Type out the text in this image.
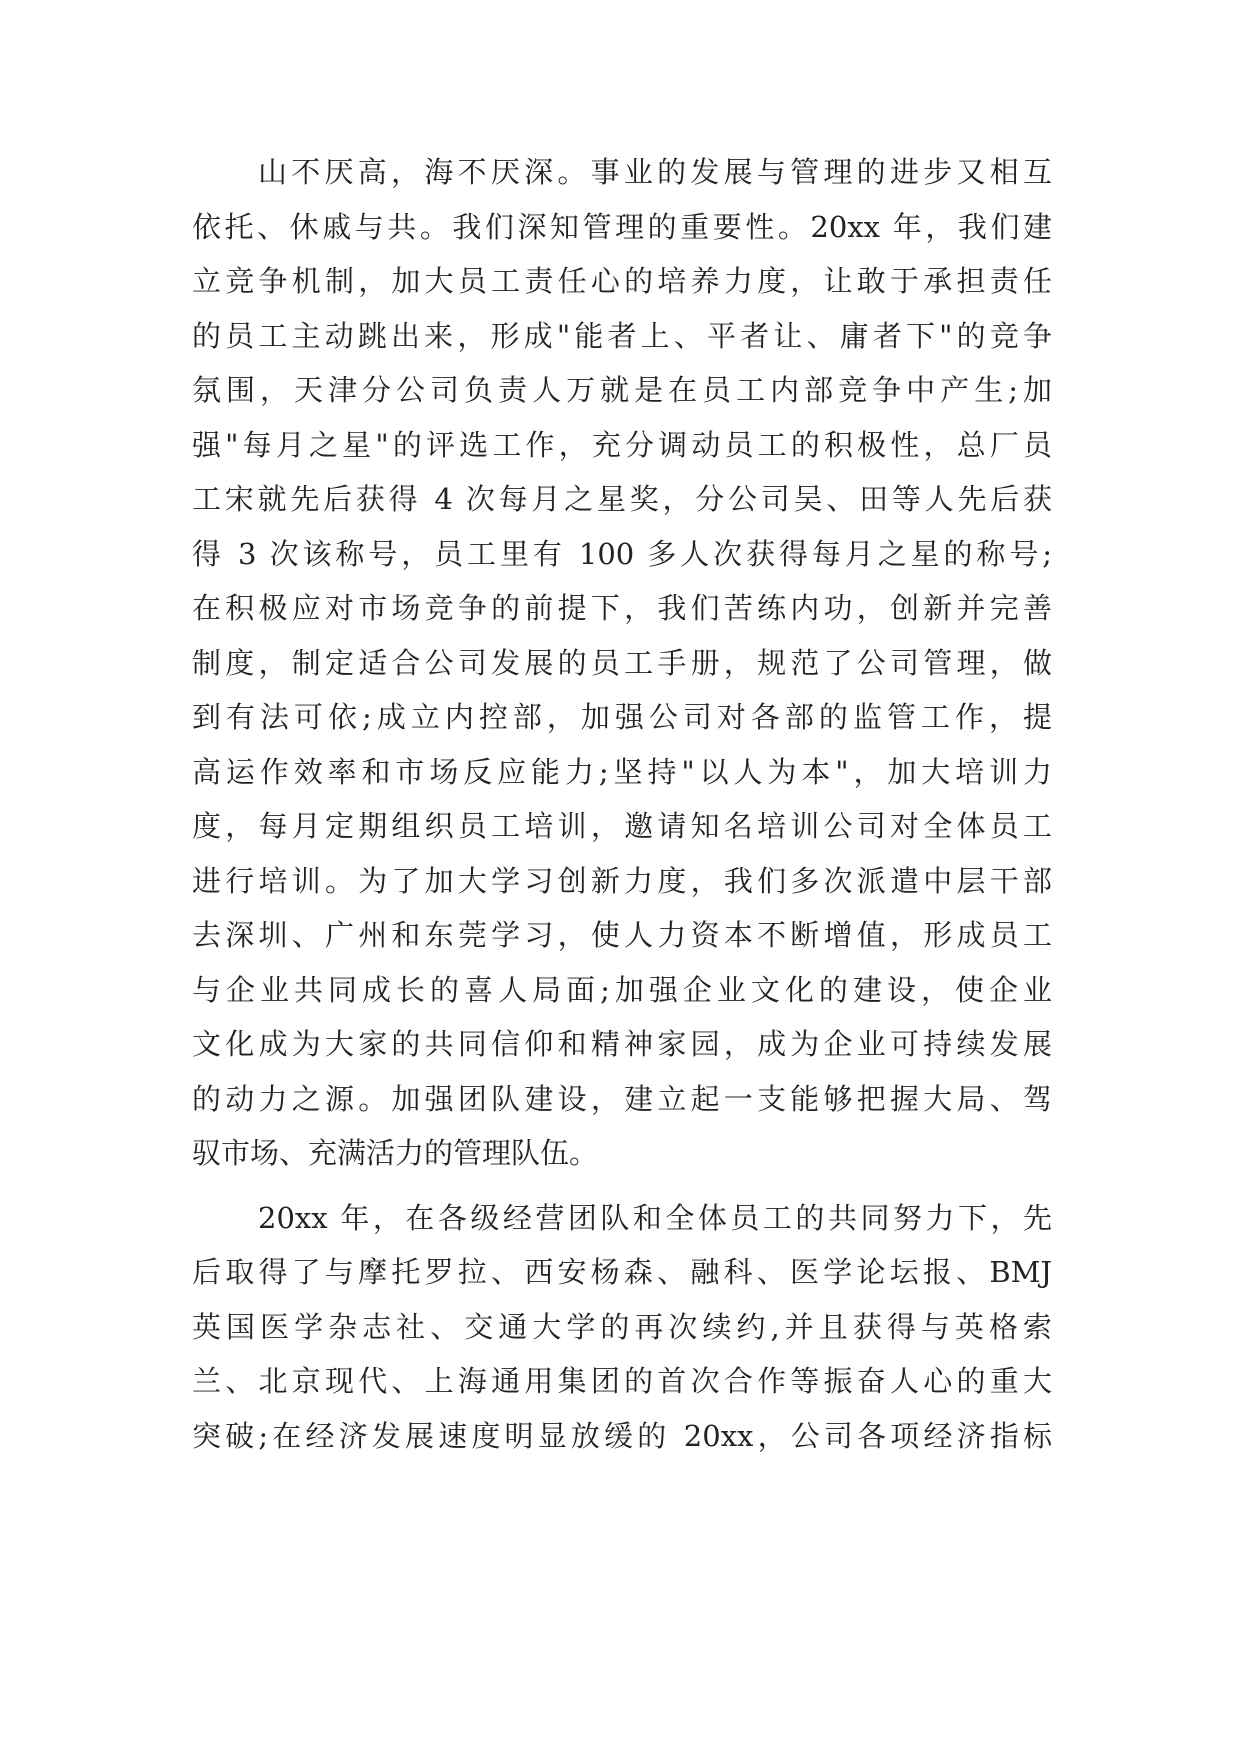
山不厌高，海不厌深。事业的发展与管理的进步又相互
依托、休戚与共。我们深知管理的重要性。20xx 年，我们建
立竞争机制，加大员工责任心的培养力度，让敢于承担责任
的员工主动跳出来，形成"能者上、平者让、庸者下"的竞争
氛围，天津分公司负责人万就是在员工内部竞争中产生;加
强"每月之星"的评选工作，充分调动员工的积极性，总厂员
工宋就先后获得 4 次每月之星奖，分公司吴、田等人先后获
得 3 次该称号，员工里有 100 多人次获得每月之星的称号;
在积极应对市场竞争的前提下，我们苦练内功，创新并完善
制度，制定适合公司发展的员工手册，规范了公司管理，做
到有法可依;成立内控部，加强公司对各部的监管工作，提
高运作效率和市场反应能力;坚持"以人为本"，加大培训力
度，每月定期组织员工培训，邀请知名培训公司对全体员工
进行培训。为了加大学习创新力度，我们多次派遣中层干部
去深圳、广州和东莞学习，使人力资本不断增值，形成员工
与企业共同成长的喜人局面;加强企业文化的建设，使企业
文化成为大家的共同信仰和精神家园，成为企业可持续发展
的动力之源。加强团队建设，建立起一支能够把握大局、驾
驭市场、充满活力的管理队伍。
20xx 年，在各级经营团队和全体员工的共同努力下，先
后取得了与摩托罗拉、西安杨森、融科、医学论坛报、BMJ
英国医学杂志社、交通大学的再次续约,并且获得与英格索
兰、北京现代、上海通用集团的首次合作等振奋人心的重大
突破;在经济发展速度明显放缓的 20xx，公司各项经济指标
